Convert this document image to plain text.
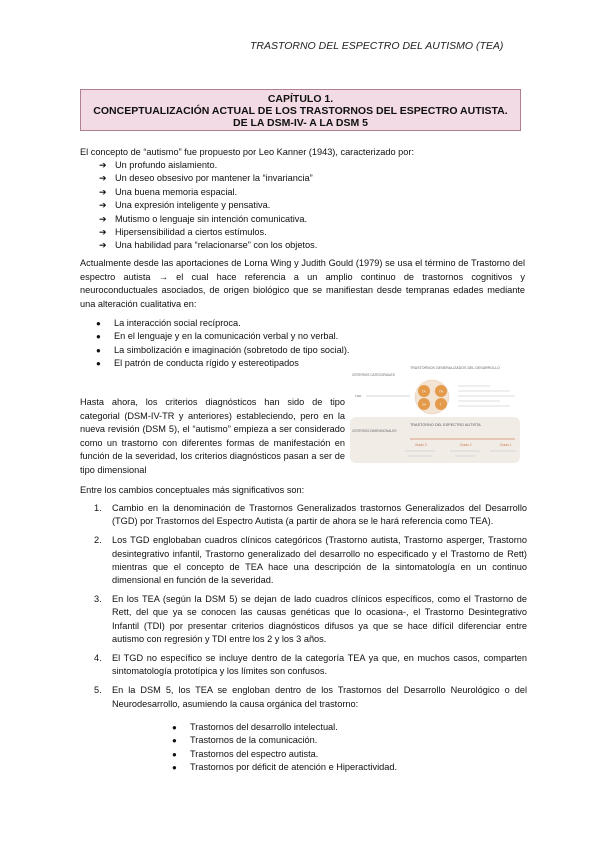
TRASTORNO DEL ESPECTRO DEL AUTISMO (TEA)
CAPÍTULO 1.
CONCEPTUALIZACIÓN ACTUAL DE LOS TRASTORNOS DEL ESPECTRO AUTISTA.
DE LA DSM-IV- A LA DSM 5
El concepto de “autismo” fue propuesto por Leo Kanner (1943), caracterizado por:
➔ Un profundo aislamiento.
➔ Un deseo obsesivo por mantener la “invariancia”
➔ Una buena memoria espacial.
➔ Una expresión inteligente y pensativa.
➔ Mutismo o lenguaje sin intención comunicativa.
➔ Hipersensibilidad a ciertos estímulos.
➔ Una habilidad para “relacionarse” con los objetos.
Actualmente desde las aportaciones de Lorna Wing y Judith Gould (1979) se usa el término de Trastorno del espectro autista → el cual hace referencia a un amplio continuo de trastornos cognitivos y neuroconductuales asociados, de origen biológico que se manifiestan desde tempranas edades mediante una alteración cualitativa en:
● La interacción social recíproca.
● En el lenguaje y en la comunicación verbal y no verbal.
● La simbolización e imaginación (sobretodo de tipo social).
● El patrón de conducta rígido y estereotipados
Hasta ahora, los criterios diagnósticos han sido de tipo categorial (DSM-IV-TR y anteriores) estableciendo, pero en la nueva revisión (DSM 5), el “autismo” empieza a ser considerado como un trastorno con diferentes formas de manifestación en función de la severidad, los criterios diagnósticos pasan a ser de tipo dimensional
TRASTORNOS GENERALIZADOS DEL DESARROLLO
CRITERIOS CATEGORIALES
TA	TR
SA	T
TGD
TRASTORNO DEL ESPECTRO AUTISTA
CRITERIOS DIMENSIONALES
Grado 3	Grado 2	Grado 1
Entre los cambios conceptuales más significativos son:
1. Cambio en la denominación de Trastornos Generalizados trastornos Generalizados del Desarrollo (TGD) por Trastornos del Espectro Autista (a partir de ahora se le hará referencia como TEA).
2. Los TGD englobaban cuadros clínicos categóricos (Trastorno autista, Trastorno asperger, Trastorno desintegrativo infantil, Trastorno generalizado del desarrollo no especificado y el Trastorno de Rett) mientras que el concepto de TEA hace una descripción de la sintomatología en un continuo dimensional en función de la severidad.
3. En los TEA (según la DSM 5) se dejan de lado cuadros clínicos específicos, como el Trastorno de Rett, del que ya se conocen las causas genéticas que lo ocasiona-, el Trastorno Desintegrativo Infantil (TDI) por presentar criterios diagnósticos difusos ya que se hace difícil diferenciar entre autismo con regresión y TDI entre los 2 y los 3 años.
4. El TGD no específico se incluye dentro de la categoría TEA ya que, en muchos casos, comparten sintomatología prototípica y los límites son confusos.
5. En la DSM 5, los TEA se engloban dentro de los Trastornos del Desarrollo Neurológico o del Neurodesarrollo, asumiendo la causa orgánica del trastorno:
● Trastornos del desarrollo intelectual.
● Trastornos de la comunicación.
● Trastornos del espectro autista.
● Trastornos por déficit de atención e Hiperactividad.
